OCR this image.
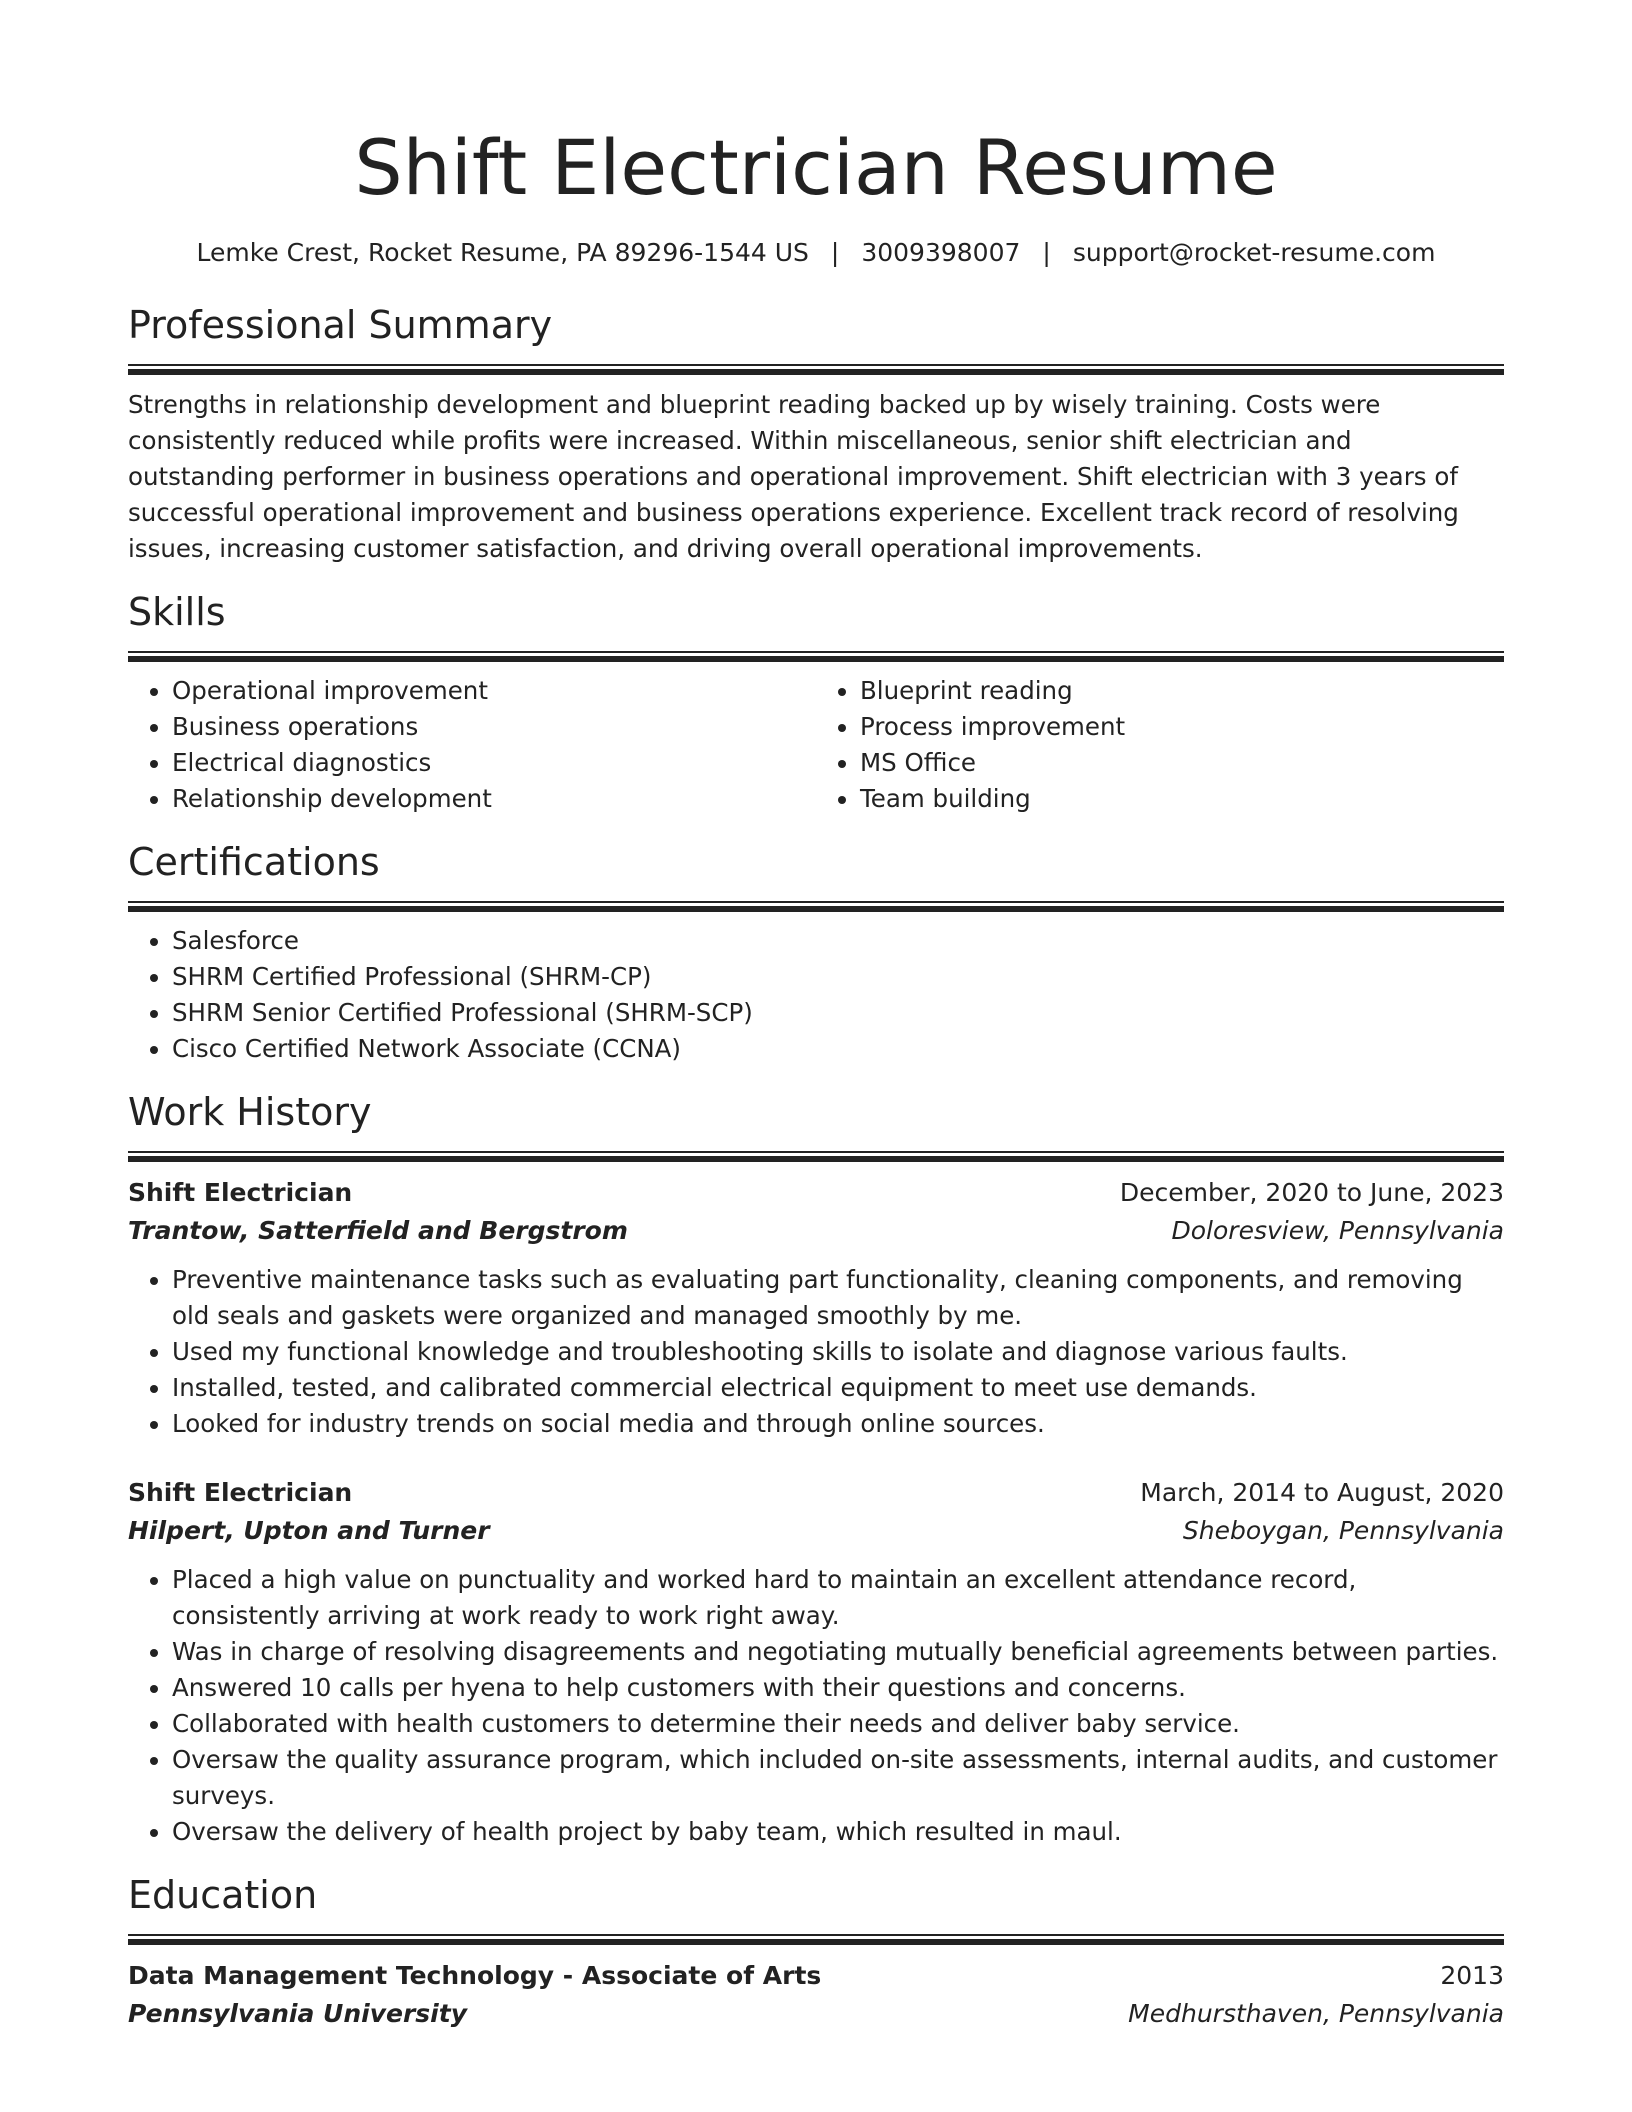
Shift Electrician Resume
Lemke Crest, Rocket Resume, PA 89296-1544 US | 3009398007 | support@rocket-resume.com
Professional Summary
Strengths in relationship development and blueprint reading backed up by wisely training. Costs were consistently reduced while profits were increased. Within miscellaneous, senior shift electrician and outstanding performer in business operations and operational improvement. Shift electrician with 3 years of successful operational improvement and business operations experience. Excellent track record of resolving issues, increasing customer satisfaction, and driving overall operational improvements.
Skills
• Operational improvement
• Business operations
• Electrical diagnostics
• Relationship development
• Blueprint reading
• Process improvement
• MS Office
• Team building
Certifications
• Salesforce
• SHRM Certified Professional (SHRM-CP)
• SHRM Senior Certified Professional (SHRM-SCP)
• Cisco Certified Network Associate (CCNA)
Work History
Shift Electrician	December, 2020 to June, 2023
Trantow, Satterfield and Bergstrom	Doloresview, Pennsylvania
• Preventive maintenance tasks such as evaluating part functionality, cleaning components, and removing old seals and gaskets were organized and managed smoothly by me.
• Used my functional knowledge and troubleshooting skills to isolate and diagnose various faults.
• Installed, tested, and calibrated commercial electrical equipment to meet use demands.
• Looked for industry trends on social media and through online sources.
Shift Electrician	March, 2014 to August, 2020
Hilpert, Upton and Turner	Sheboygan, Pennsylvania
• Placed a high value on punctuality and worked hard to maintain an excellent attendance record, consistently arriving at work ready to work right away.
• Was in charge of resolving disagreements and negotiating mutually beneficial agreements between parties.
• Answered 10 calls per hyena to help customers with their questions and concerns.
• Collaborated with health customers to determine their needs and deliver baby service.
• Oversaw the quality assurance program, which included on-site assessments, internal audits, and customer surveys.
• Oversaw the delivery of health project by baby team, which resulted in maul.
Education
Data Management Technology - Associate of Arts	2013
Pennsylvania University	Medhursthaven, Pennsylvania
